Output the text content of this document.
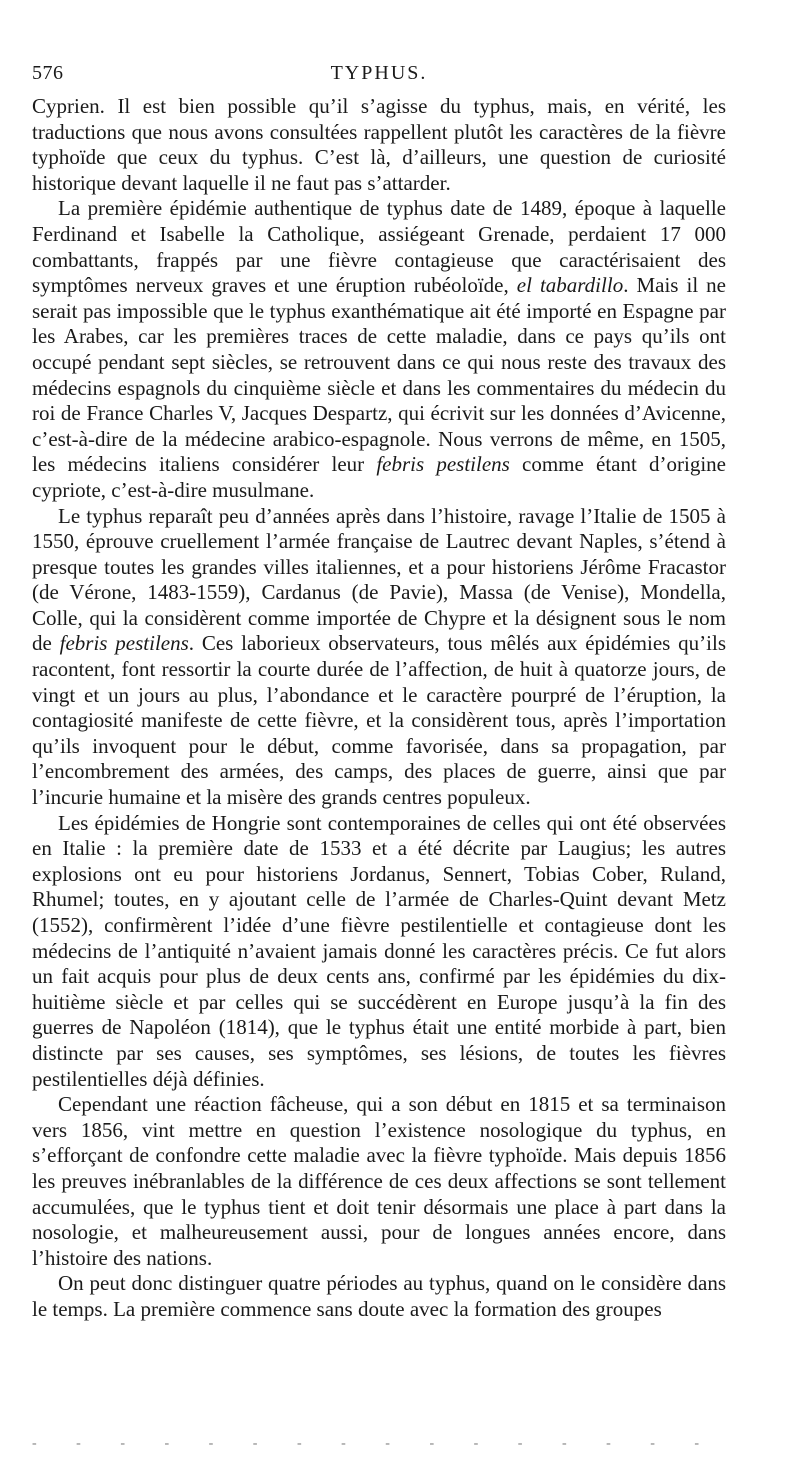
576	TYPHUS.

Cyprien. Il est bien possible qu’il s’agisse du typhus, mais, en vérité, les traductions que nous avons consultées rappellent plutôt les caractères de la fièvre typhoïde que ceux du typhus. C’est là, d’ailleurs, une question de curiosité historique devant laquelle il ne faut pas s’attarder.

La première épidémie authentique de typhus date de 1489, époque à laquelle Ferdinand et Isabelle la Catholique, assiégeant Grenade, perdaient 17 000 combattants, frappés par une fièvre contagieuse que caractérisaient des symptômes nerveux graves et une éruption rubéoloïde, el tabardillo. Mais il ne serait pas impossible que le typhus exanthématique ait été importé en Espagne par les Arabes, car les premières traces de cette maladie, dans ce pays qu’ils ont occupé pendant sept siècles, se retrouvent dans ce qui nous reste des travaux des médecins espagnols du cinquième siècle et dans les commentaires du médecin du roi de France Charles V, Jacques Despartz, qui écrivit sur les données d’Avicenne, c’est-à-dire de la médecine arabico-espagnole. Nous verrons de même, en 1505, les médecins italiens considérer leur febris pestilens comme étant d’origine cypriote, c’est-à-dire musulmane.

Le typhus reparaît peu d’années après dans l’histoire, ravage l’Italie de 1505 à 1550, éprouve cruellement l’armée française de Lautrec devant Naples, s’étend à presque toutes les grandes villes italiennes, et a pour historiens Jérôme Fracastor (de Vérone, 1483-1559), Cardanus (de Pavie), Massa (de Venise), Mondella, Colle, qui la considèrent comme importée de Chypre et la désignent sous le nom de febris pestilens. Ces laborieux observateurs, tous mêlés aux épidémies qu’ils racontent, font ressortir la courte durée de l’affection, de huit à quatorze jours, de vingt et un jours au plus, l’abondance et le caractère pourpré de l’éruption, la contagiosité manifeste de cette fièvre, et la considèrent tous, après l’importation qu’ils invoquent pour le début, comme favorisée, dans sa propagation, par l’encombrement des armées, des camps, des places de guerre, ainsi que par l’incurie humaine et la misère des grands centres populeux.

Les épidémies de Hongrie sont contemporaines de celles qui ont été observées en Italie : la première date de 1533 et a été décrite par Laugius; les autres explosions ont eu pour historiens Jordanus, Sennert, Tobias Cober, Ruland, Rhumel; toutes, en y ajoutant celle de l’armée de Charles-Quint devant Metz (1552), confirmèrent l’idée d’une fièvre pestilentielle et contagieuse dont les médecins de l’antiquité n’avaient jamais donné les caractères précis. Ce fut alors un fait acquis pour plus de deux cents ans, confirmé par les épidémies du dix-huitième siècle et par celles qui se succédèrent en Europe jusqu’à la fin des guerres de Napoléon (1814), que le typhus était une entité morbide à part, bien distincte par ses causes, ses symptômes, ses lésions, de toutes les fièvres pestilentielles déjà définies.

Cependant une réaction fâcheuse, qui a son début en 1815 et sa terminaison vers 1856, vint mettre en question l’existence nosologique du typhus, en s’efforçant de confondre cette maladie avec la fièvre typhoïde. Mais depuis 1856 les preuves inébranlables de la différence de ces deux affections se sont tellement accumulées, que le typhus tient et doit tenir désormais une place à part dans la nosologie, et malheureusement aussi, pour de longues années encore, dans l’histoire des nations.

On peut donc distinguer quatre périodes au typhus, quand on le considère dans le temps. La première commence sans doute avec la formation des groupes

- - - - - - - - - - - - - - - -
